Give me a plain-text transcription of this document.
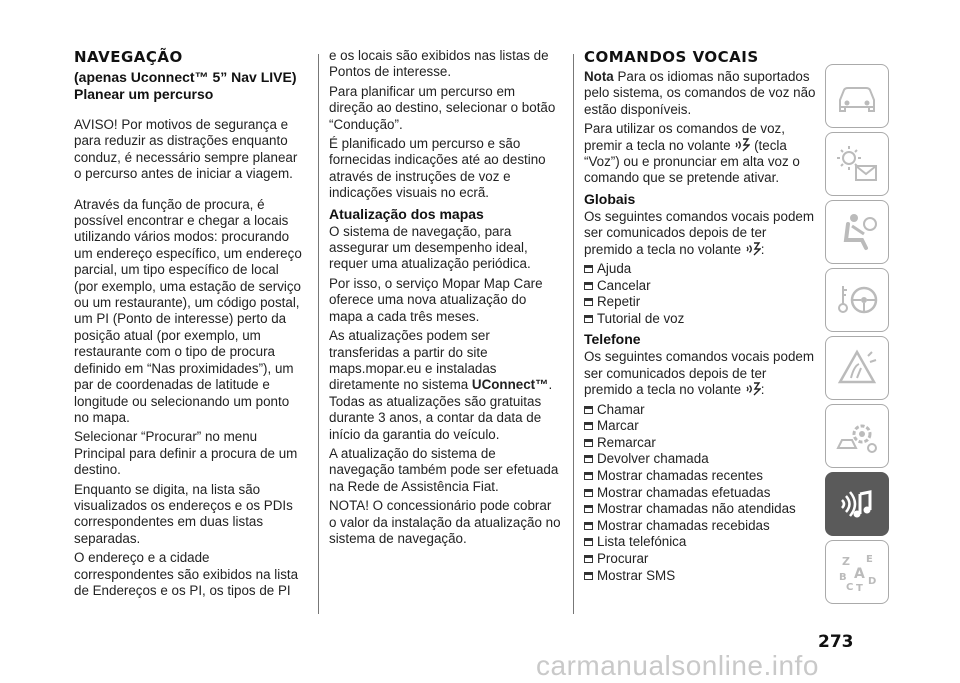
NAVEGAÇÃO
(apenas Uconnect™ 5” Nav LIVE)
Planear um percurso

AVISO! Por motivos de segurança e para reduzir as distrações enquanto conduz, é necessário sempre planear o percurso antes de iniciar a viagem.

Através da função de procura, é possível encontrar e chegar a locais utilizando vários modos: procurando um endereço específico, um endereço parcial, um tipo específico de local (por exemplo, uma estação de serviço ou um restaurante), um código postal, um PI (Ponto de interesse) perto da posição atual (por exemplo, um restaurante com o tipo de procura definido em “Nas proximidades”), um par de coordenadas de latitude e longitude ou selecionando um ponto no mapa.

Selecionar “Procurar” no menu Principal para definir a procura de um destino.

Enquanto se digita, na lista são visualizados os endereços e os PDIs correspondentes em duas listas separadas.

O endereço e a cidade correspondentes são exibidos na lista de Endereços e os PI, os tipos de PI

e os locais são exibidos nas listas de Pontos de interesse.

Para planificar um percurso em direção ao destino, selecionar o botão “Condução”.

É planificado um percurso e são fornecidas indicações até ao destino através de instruções de voz e indicações visuais no ecrã.

Atualização dos mapas

O sistema de navegação, para assegurar um desempenho ideal, requer uma atualização periódica.

Por isso, o serviço Mopar Map Care oferece uma nova atualização do mapa a cada três meses.

As atualizações podem ser transferidas a partir do site maps.mopar.eu e instaladas diretamente no sistema UConnect™. Todas as atualizações são gratuitas durante 3 anos, a contar da data de início da garantia do veículo.

A atualização do sistema de navegação também pode ser efetuada na Rede de Assistência Fiat.

NOTA! O concessionário pode cobrar o valor da instalação da atualização no sistema de navegação.

COMANDOS VOCAIS

Nota Para os idiomas não suportados pelo sistema, os comandos de voz não estão disponíveis.

Para utilizar os comandos de voz, premir a tecla no volante  (tecla “Voz”) ou e pronunciar em alta voz o comando que se pretende ativar.

Globais

Os seguintes comandos vocais podem ser comunicados depois de ter premido a tecla no volante :

Ajuda
Cancelar
Repetir
Tutorial de voz
Telefone

Os seguintes comandos vocais podem ser comunicados depois de ter premido a tecla no volante :

Chamar
Marcar
Remarcar
Devolver chamada
Mostrar chamadas recentes
Mostrar chamadas efetuadas
Mostrar chamadas não atendidas
Mostrar chamadas recebidas
Lista telefónica
Procurar
Mostrar SMS
Z E
B A
C T
D
273
carmanualsonline.info
